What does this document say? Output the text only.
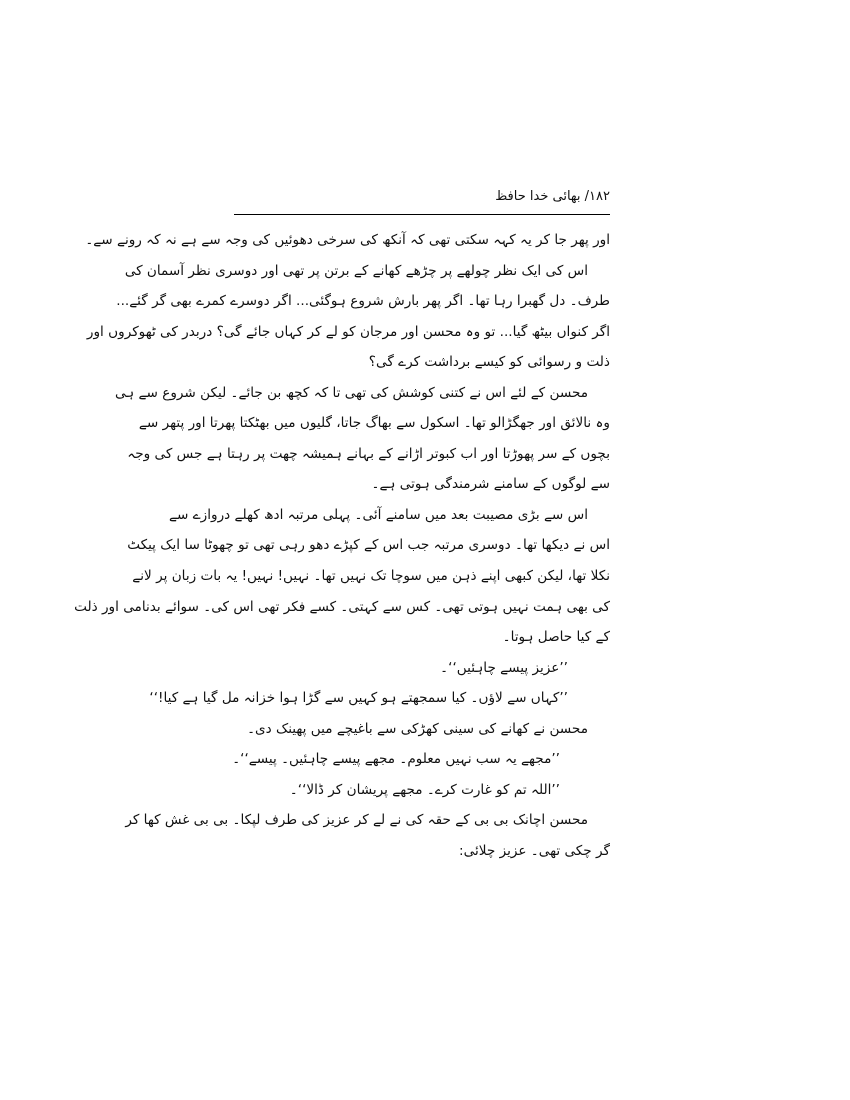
۱۸۲/ بھائی خدا حافظ
اور پھر جا کر یہ کہہ سکتی تھی کہ آنکھ کی سرخی دھوئیں کی وجہ سے ہے نہ کہ رونے سے۔
اس کی ایک نظر چولھے پر چڑھے کھانے کے برتن پر تھی اور دوسری نظر آسمان کی
طرف۔ دل گھبرا رہا تھا۔ اگر پھر بارش شروع ہوگئی... اگر دوسرے کمرے بھی گر گئے...
اگر کنواں بیٹھ گیا... تو وہ محسن اور مرجان کو لے کر کہاں جائے گی؟ دربدر کی ٹھوکروں اور
ذلت و رسوائی کو کیسے برداشت کرے گی؟
محسن کے لئے اس نے کتنی کوشش کی تھی تا کہ کچھ بن جائے۔ لیکن شروع سے ہی
وہ نالائق اور جھگڑالو تھا۔ اسکول سے بھاگ جاتا، گلیوں میں بھٹکتا پھرتا اور پتھر سے
بچوں کے سر پھوڑتا اور اب کبوتر اڑانے کے بہانے ہمیشہ چھت پر رہتا ہے جس کی وجہ
سے لوگوں کے سامنے شرمندگی ہوتی ہے۔
اس سے بڑی مصیبت بعد میں سامنے آئی۔ پہلی مرتبہ ادھ کھلے دروازے سے
اس نے دیکھا تھا۔ دوسری مرتبہ جب اس کے کپڑے دھو رہی تھی تو چھوٹا سا ایک پیکٹ
نکلا تھا، لیکن کبھی اپنے ذہن میں سوچا تک نہیں تھا۔ نہیں! نہیں! یہ بات زبان پر لانے
کی بھی ہمت نہیں ہوتی تھی۔ کس سے کہتی۔ کسے فکر تھی اس کی۔ سوائے بدنامی اور ذلت
کے کیا حاصل ہوتا۔
’’عزیز پیسے چاہئیں‘‘۔
’’کہاں سے لاؤں۔ کیا سمجھتے ہو کہیں سے گڑا ہوا خزانہ مل گیا ہے کیا!‘‘
محسن نے کھانے کی سینی کھڑکی سے باغیچے میں پھینک دی۔
’’مجھے یہ سب نہیں معلوم۔ مجھے پیسے چاہئیں۔ پیسے‘‘۔
’’اللہ تم کو غارت کرے۔ مجھے پریشان کر ڈالا‘‘۔
محسن اچانک بی بی کے حقہ کی نے لے کر عزیز کی طرف لپکا۔ بی بی غش کھا کر
گر چکی تھی۔ عزیز چلائی:
